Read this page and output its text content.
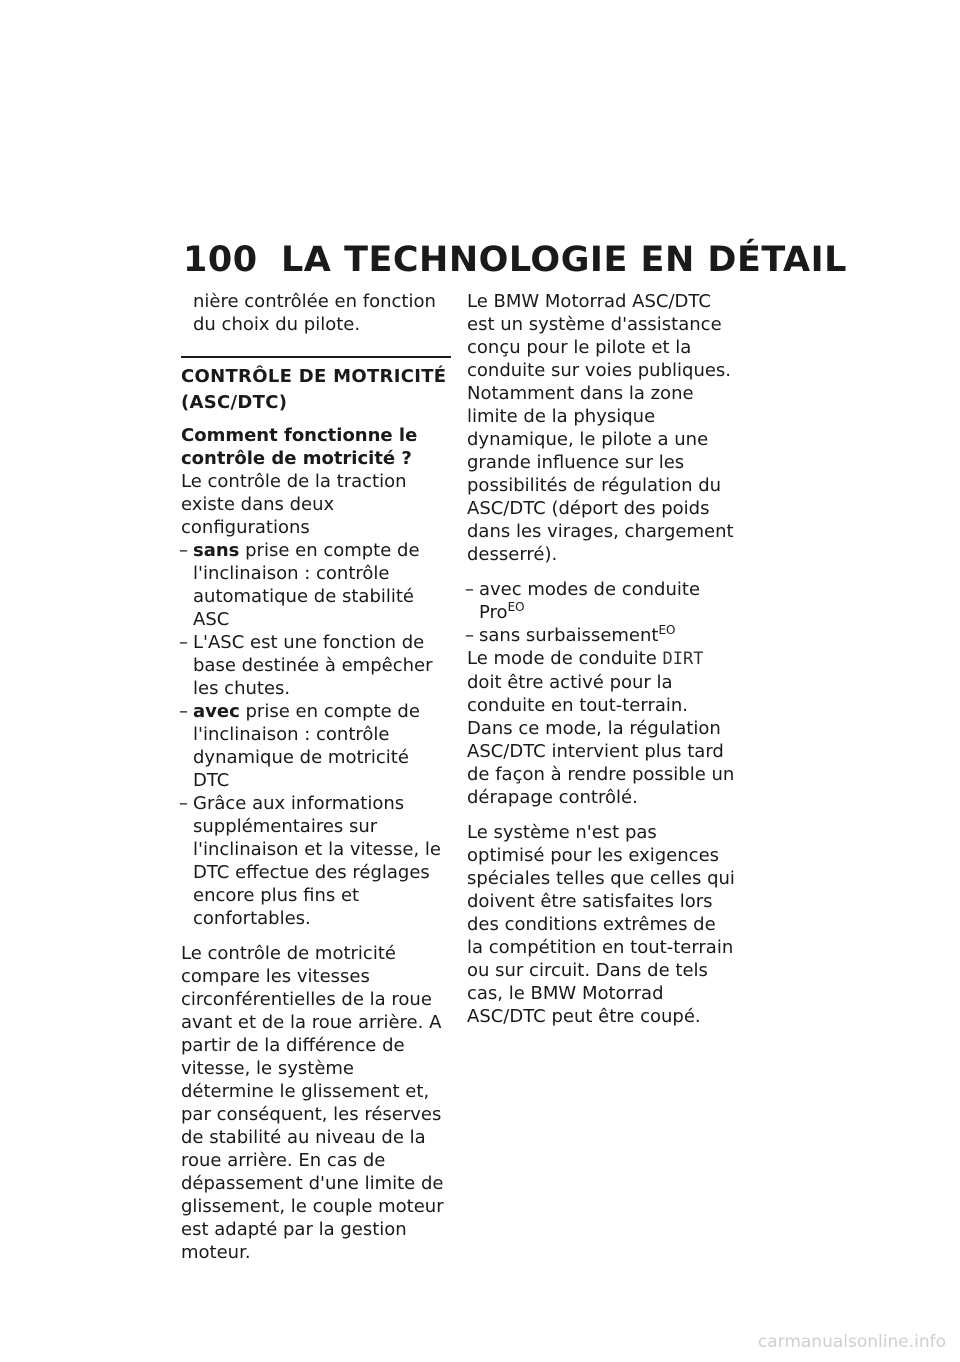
100 LA TECHNOLOGIE EN DÉTAIL

nière contrôlée en fonction du choix du pilote.

CONTRÔLE DE MOTRICITÉ (ASC/DTC)

Comment fonctionne le contrôle de motricité ?

Le contrôle de la traction existe dans deux configurations

– sans prise en compte de l'inclinaison : contrôle automatique de stabilité ASC

– L'ASC est une fonction de base destinée à empêcher les chutes.

– avec prise en compte de l'inclinaison : contrôle dynamique de motricité DTC

– Grâce aux informations supplémentaires sur l'inclinaison et la vitesse, le DTC effectue des réglages encore plus fins et confortables.

Le contrôle de motricité compare les vitesses circonférentielles de la roue avant et de la roue arrière. A partir de la différence de vitesse, le système détermine le glissement et, par conséquent, les réserves de stabilité au niveau de la roue arrière. En cas de dépassement d'une limite de glissement, le couple moteur est adapté par la gestion moteur.

Le BMW Motorrad ASC/DTC est un système d'assistance conçu pour le pilote et la conduite sur voies publiques. Notamment dans la zone limite de la physique dynamique, le pilote a une grande influence sur les possibilités de régulation du ASC/DTC (déport des poids dans les virages, chargement desserré).

– avec modes de conduite Pro$^{EO}$

– sans surbaissement$^{EO}$

Le mode de conduite DIRT doit être activé pour la conduite en tout-terrain. Dans ce mode, la régulation ASC/DTC intervient plus tard de façon à rendre possible un dérapage contrôlé.

Le système n'est pas optimisé pour les exigences spéciales telles que celles qui doivent être satisfaites lors des conditions extrêmes de la compétition en tout-terrain ou sur circuit. Dans de tels cas, le BMW Motorrad ASC/DTC peut être coupé.

carmanualsonline.info
